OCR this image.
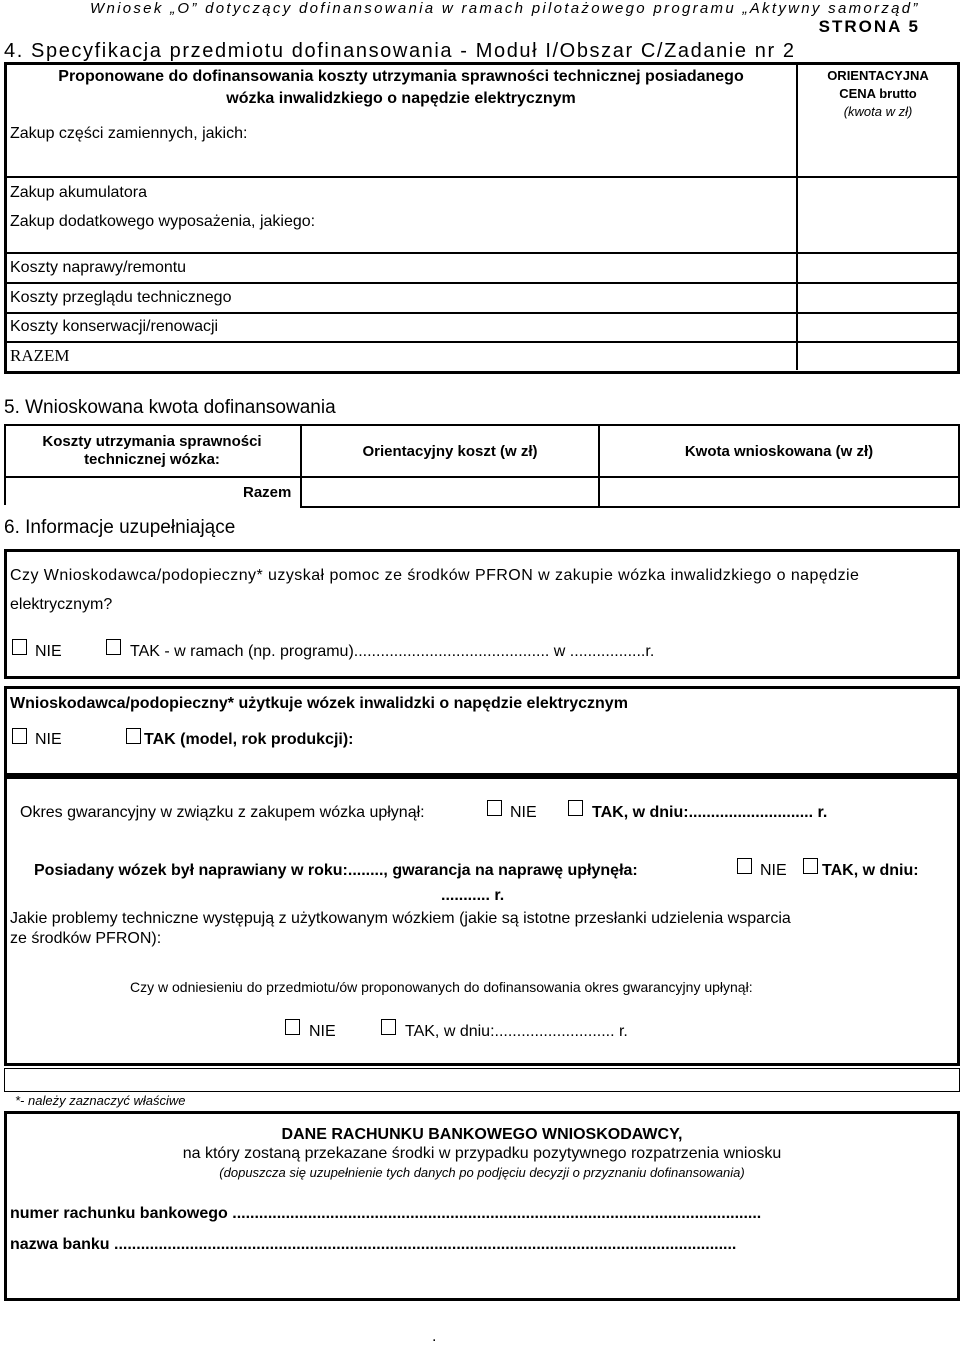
Wniosek „O” dotyczący dofinansowania w ramach pilotażowego programu „Aktywny samorząd”
STRONA 5
4. Specyfikacja przedmiotu dofinansowania - Moduł I/Obszar C/Zadanie nr 2
Proponowane do dofinansowania koszty utrzymania sprawności technicznej posiadanego
wózka inwalidzkiego o napędzie elektrycznym
ORIENTACYJNA
CENA brutto
(kwota w zł)
Zakup części zamiennych, jakich:
Zakup akumulatora
Zakup dodatkowego wyposażenia, jakiego:
Koszty naprawy/remontu
Koszty przeglądu technicznego
Koszty konserwacji/renowacji
RAZEM
5. Wnioskowana kwota dofinansowania
Koszty utrzymania sprawności
technicznej wózka:	Orientacyjny koszt (w zł)	Kwota wnioskowana (w zł)
Razem
6. Informacje uzupełniające
Czy Wnioskodawca/podopieczny* uzyskał pomoc ze środków PFRON w zakupie wózka inwalidzkiego o napędzie
elektrycznym?
NIE	TAK - w ramach (np. programu)............................................ w .................r.
Wnioskodawca/podopieczny* użytkuje wózek inwalidzki o napędzie elektrycznym
NIE	TAK (model, rok produkcji):
Okres gwarancyjny w związku z zakupem wózka upłynął:	NIE	TAK, w dniu:............................ r.
Posiadany wózek był naprawiany w roku:........, gwarancja na naprawę upłynęła:	NIE TAK, w dniu:
........... r.
Jakie problemy techniczne występują z użytkowanym wózkiem (jakie są istotne przesłanki udzielenia wsparcia
ze środków PFRON):
Czy w odniesieniu do przedmiotu/ów proponowanych do dofinansowania okres gwarancyjny upłynął:
NIE	TAK, w dniu:........................... r.
*- należy zaznaczyć właściwe
DANE RACHUNKU BANKOWEGO WNIOSKODAWCY,
na który zostaną przekazane środki w przypadku pozytywnego rozpatrzenia wniosku
(dopuszcza się uzupełnienie tych danych po podjęciu decyzji o przyznaniu dofinansowania)
numer rachunku bankowego .......................................................................................................................
nazwa banku ............................................................................................................................................
.
